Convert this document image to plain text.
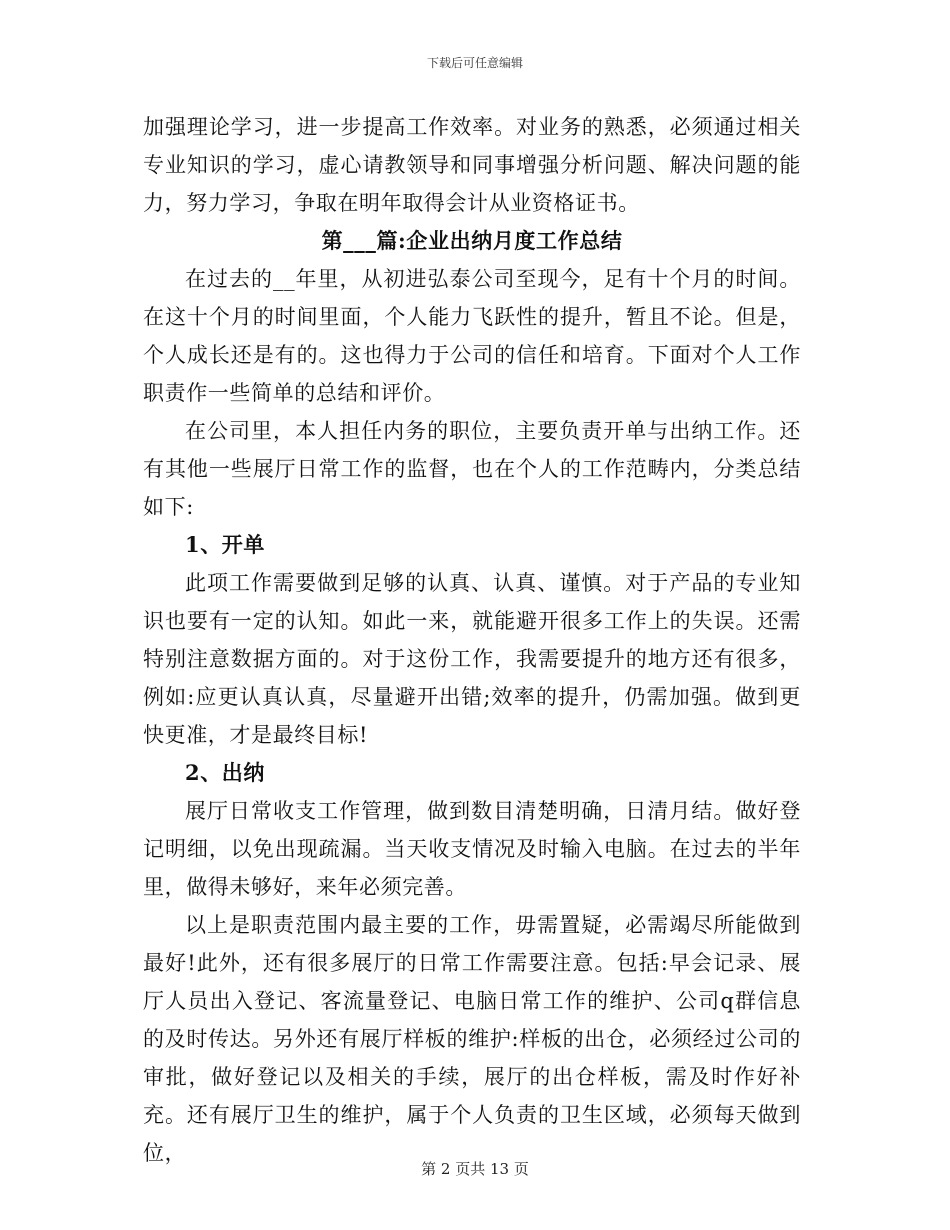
下载后可任意编辑

加强理论学习，进一步提高工作效率。对业务的熟悉，必须通过相关专业知识的学习，虚心请教领导和同事增强分析问题、解决问题的能力，努力学习，争取在明年取得会计从业资格证书。

第___篇:企业出纳月度工作总结

在过去的__年里，从初进弘泰公司至现今，足有十个月的时间。在这十个月的时间里面，个人能力飞跃性的提升，暂且不论。但是，个人成长还是有的。这也得力于公司的信任和培育。下面对个人工作职责作一些简单的总结和评价。

在公司里，本人担任内务的职位，主要负责开单与出纳工作。还有其他一些展厅日常工作的监督，也在个人的工作范畴内，分类总结如下:

1、开单

此项工作需要做到足够的认真、认真、谨慎。对于产品的专业知识也要有一定的认知。如此一来，就能避开很多工作上的失误。还需特别注意数据方面的。对于这份工作，我需要提升的地方还有很多，例如:应更认真认真，尽量避开出错;效率的提升，仍需加强。做到更快更准，才是最终目标!

2、出纳

展厅日常收支工作管理，做到数目清楚明确，日清月结。做好登记明细，以免出现疏漏。当天收支情况及时输入电脑。在过去的半年里，做得未够好，来年必须完善。

以上是职责范围内最主要的工作，毋需置疑，必需竭尽所能做到最好!此外，还有很多展厅的日常工作需要注意。包括:早会记录、展厅人员出入登记、客流量登记、电脑日常工作的维护、公司q群信息的及时传达。另外还有展厅样板的维护:样板的出仓，必须经过公司的审批，做好登记以及相关的手续，展厅的出仓样板，需及时作好补充。还有展厅卫生的维护，属于个人负责的卫生区域，必须每天做到位，

第 2 页共 13 页
